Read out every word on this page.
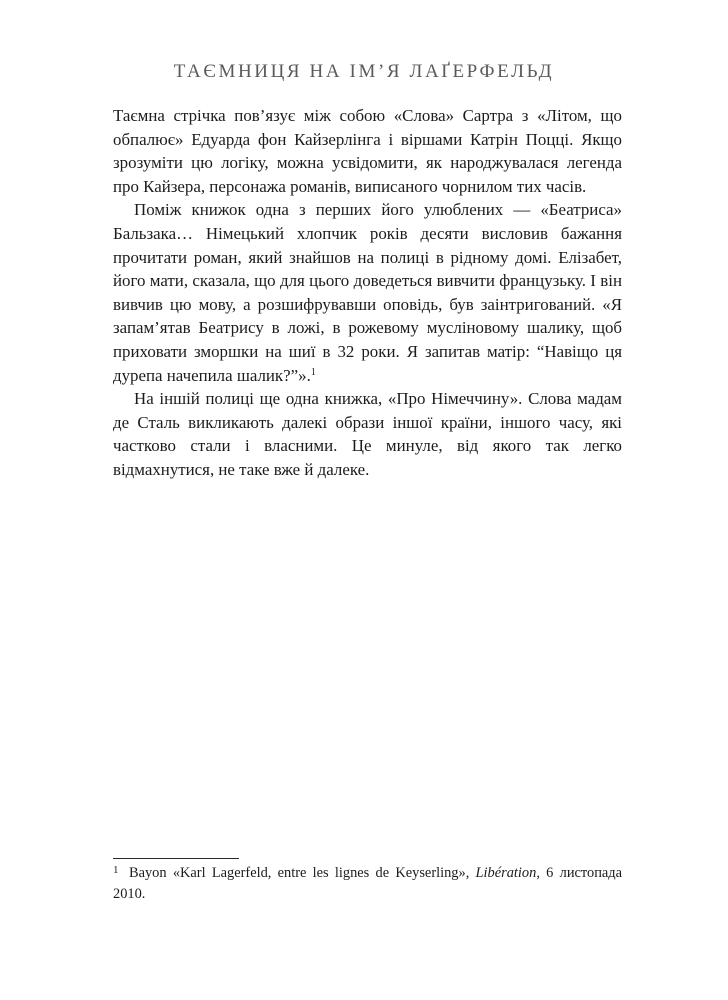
ТАЄМНИЦЯ НА ІМ’Я ЛАҐЕРФЕЛЬД

Таємна стрічка пов’язує між собою «Слова» Сартра з «Літом, що обпалює» Едуарда фон Кайзерлінга і віршами Катрін Поцці. Якщо зрозуміти цю логіку, можна усвідомити, як народжувалася легенда про Кайзера, персонажа романів, виписаного чорнилом тих часів.

Поміж книжок одна з перших його улюблених — «Беатриса» Бальзака… Німецький хлопчик років десяти висловив бажання прочитати роман, який знайшов на полиці в рідному домі. Елізабет, його мати, сказала, що для цього доведеться вивчити французьку. І він вивчив цю мову, а розшифрувавши оповідь, був заінтригований. «Я запам’ятав Беатрису в ложі, в рожевому мусліновому шалику, щоб приховати зморшки на шиї в 32 роки. Я запитав матір: “Навіщо ця дурепа начепила шалик?”».$^1$

На іншій полиці ще одна книжка, «Про Німеччину». Слова мадам де Сталь викликають далекі образи іншої країни, іншого часу, які частково стали і власними. Це минуле, від якого так легко відмахнутися, не таке вже й далеке.

1 Bayon «Karl Lagerfeld, entre les lignes de Keyserling», Libération, 6 листопада 2010.
